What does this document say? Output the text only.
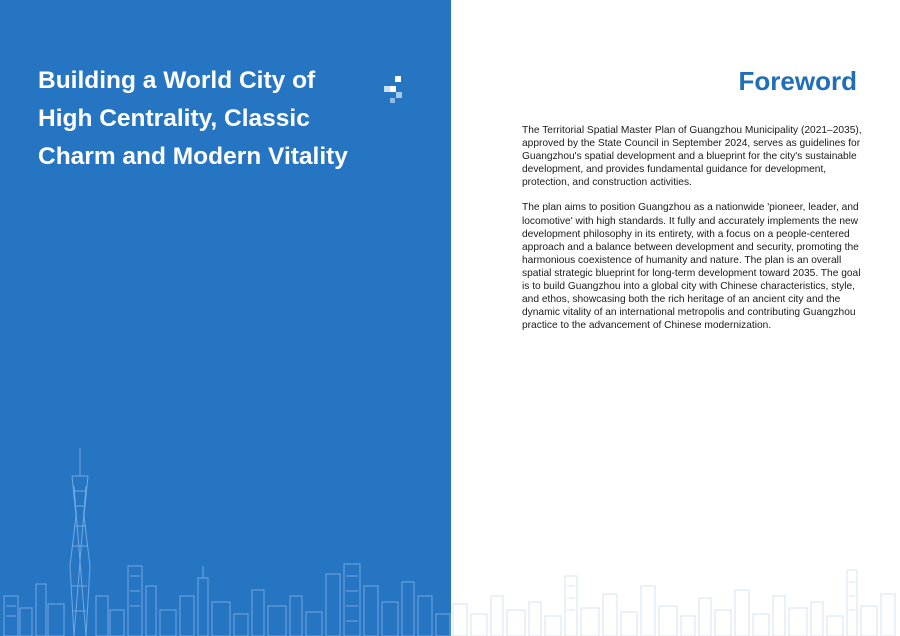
Building a World City of
High Centrality, Classic
Charm and Modern Vitality
Foreword

The Territorial Spatial Master Plan of Guangzhou Municipality (2021–2035), approved by the State Council in September 2024, serves as guidelines for Guangzhou's spatial development and a blueprint for the city's sustainable development, and provides fundamental guidance for development, protection, and construction activities.

The plan aims to position Guangzhou as a nationwide 'pioneer, leader, and locomotive' with high standards. It fully and accurately implements the new development philosophy in its entirety, with a focus on a people-centered approach and a balance between development and security, promoting the harmonious coexistence of humanity and nature. The plan is an overall spatial strategic blueprint for long-term development toward 2035. The goal is to build Guangzhou into a global city with Chinese characteristics, style, and ethos, showcasing both the rich heritage of an ancient city and the dynamic vitality of an international metropolis and contributing Guangzhou practice to the advancement of Chinese modernization.
